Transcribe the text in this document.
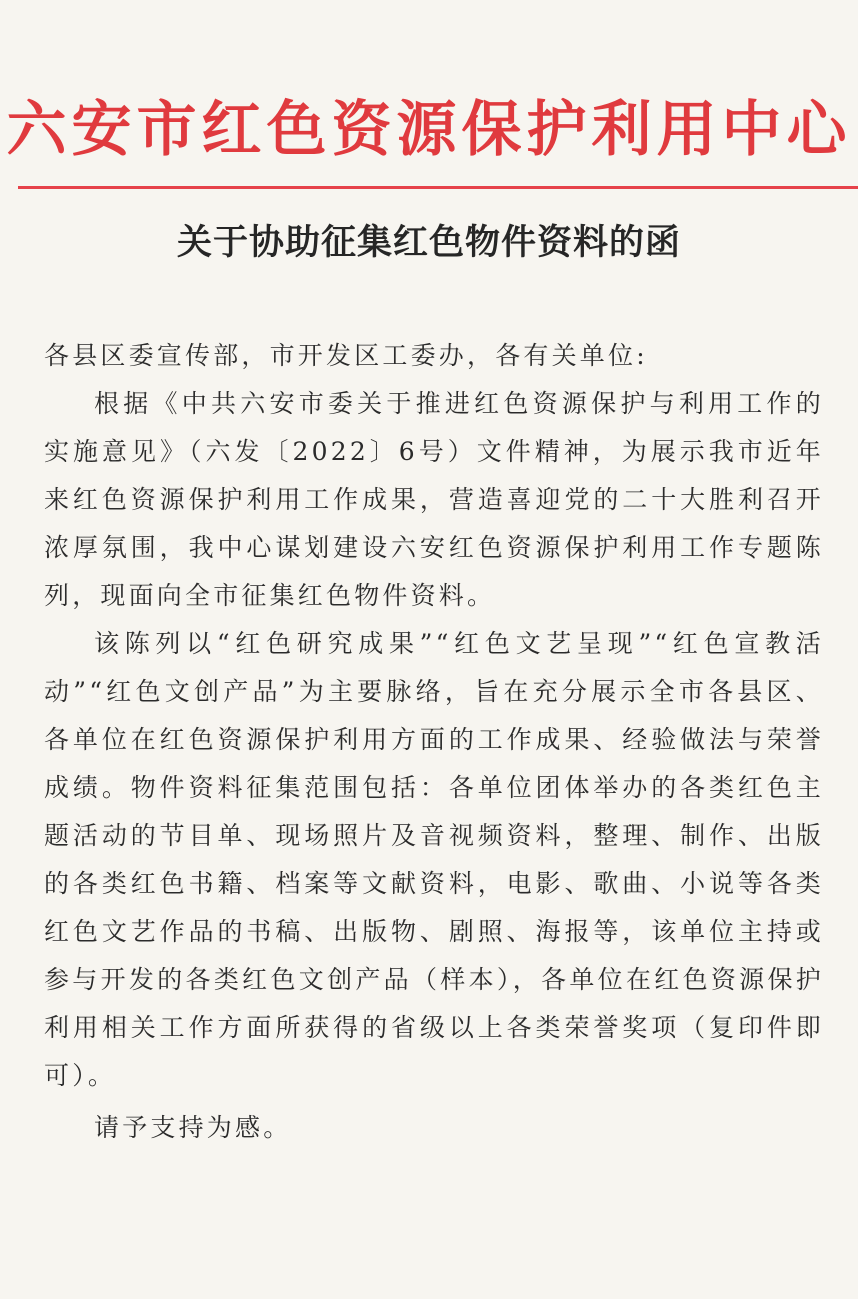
六安市红色资源保护利用中心
关于协助征集红色物件资料的函

各县区委宣传部，市开发区工委办，各有关单位:

根据《中共六安市委关于推进红色资源保护与利用工作的实施意见》（六发〔2022〕6号）文件精神，为展示我市近年来红色资源保护利用工作成果，营造喜迎党的二十大胜利召开浓厚氛围，我中心谋划建设六安红色资源保护利用工作专题陈列，现面向全市征集红色物件资料。

该陈列以“红色研究成果”“红色文艺呈现”“红色宣教活动”“红色文创产品”为主要脉络，旨在充分展示全市各县区、各单位在红色资源保护利用方面的工作成果、经验做法与荣誉成绩。物件资料征集范围包括：各单位团体举办的各类红色主题活动的节目单、现场照片及音视频资料，整理、制作、出版的各类红色书籍、档案等文献资料，电影、歌曲、小说等各类红色文艺作品的书稿、出版物、剧照、海报等，该单位主持或参与开发的各类红色文创产品（样本），各单位在红色资源保护利用相关工作方面所获得的省级以上各类荣誉奖项（复印件即可）。

请予支持为感。
